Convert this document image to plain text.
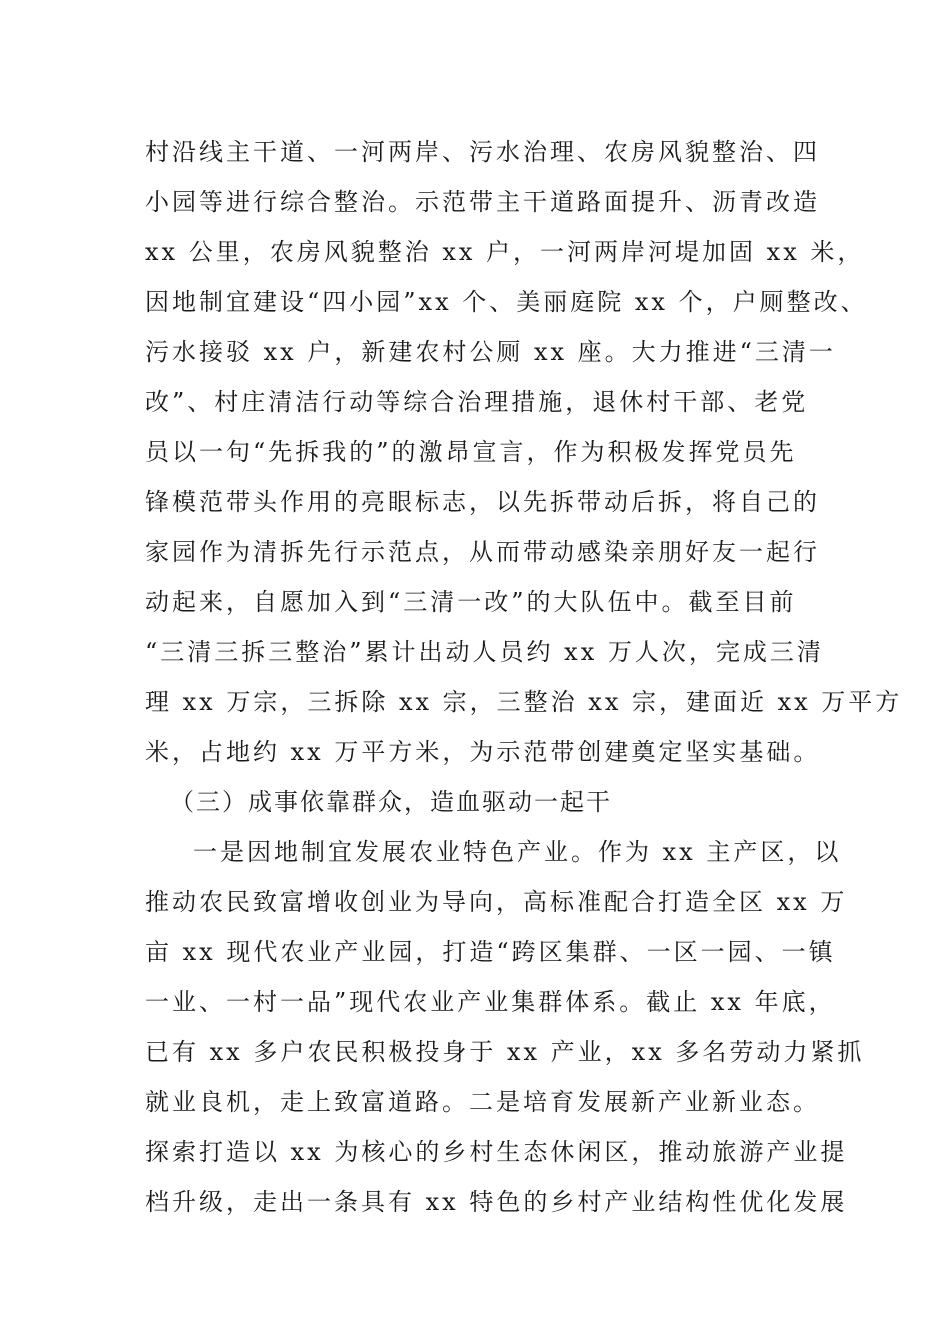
村沿线主干道、一河两岸、污水治理、农房风貌整治、四

小园等进行综合整治。示范带主干道路面提升、沥青改造

xx 公里，农房风貌整治 xx 户，一河两岸河堤加固 xx 米，

因地制宜建设“四小园”xx 个、美丽庭院 xx 个，户厕整改、

污水接驳 xx 户，新建农村公厕 xx 座。大力推进“三清一

改”、村庄清洁行动等综合治理措施，退休村干部、老党

员以一句“先拆我的”的激昂宣言，作为积极发挥党员先

锋模范带头作用的亮眼标志，以先拆带动后拆，将自己的

家园作为清拆先行示范点，从而带动感染亲朋好友一起行

动起来，自愿加入到“三清一改”的大队伍中。截至目前

“三清三拆三整治”累计出动人员约 xx 万人次，完成三清

理 xx 万宗，三拆除 xx 宗，三整治 xx 宗，建面近 xx 万平方

米，占地约 xx 万平方米，为示范带创建奠定坚实基础。

（三）成事依靠群众，造血驱动一起干

一是因地制宜发展农业特色产业。作为 xx 主产区，以

推动农民致富增收创业为导向，高标准配合打造全区 xx 万

亩 xx 现代农业产业园，打造“跨区集群、一区一园、一镇

一业、一村一品”现代农业产业集群体系。截止 xx 年底，

已有 xx 多户农民积极投身于 xx 产业，xx 多名劳动力紧抓

就业良机，走上致富道路。二是培育发展新产业新业态。

探索打造以 xx 为核心的乡村生态休闲区，推动旅游产业提

档升级，走出一条具有 xx 特色的乡村产业结构性优化发展
